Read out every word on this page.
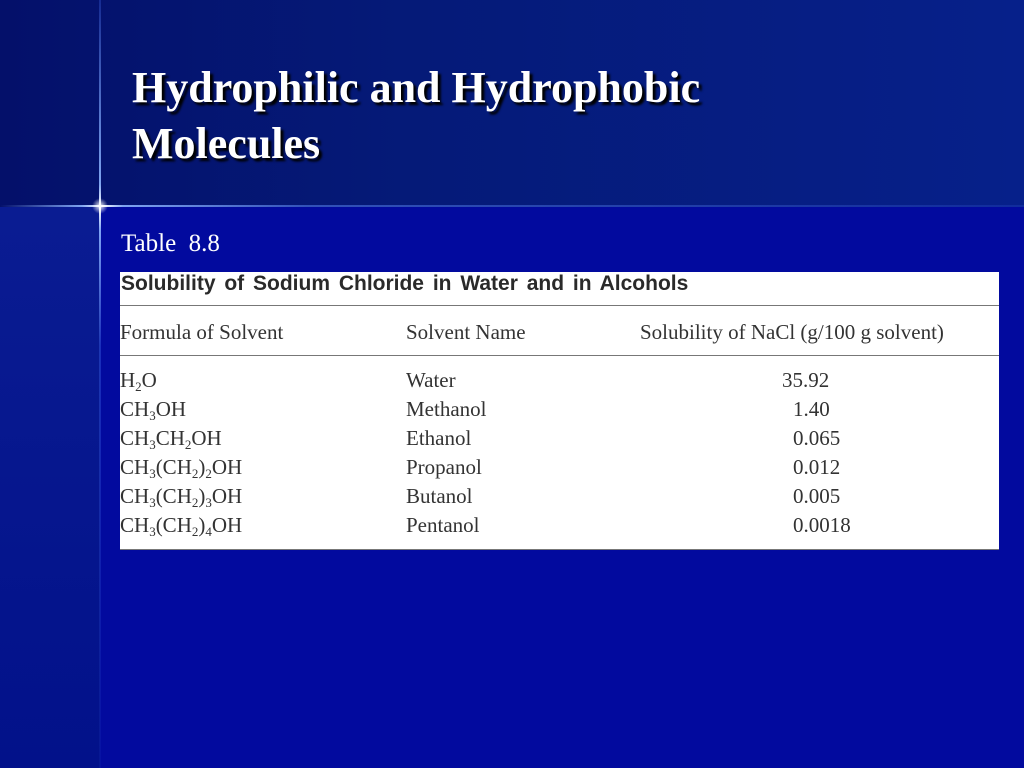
Hydrophilic and Hydrophobic
Molecules
Table  8.8
Solubility of Sodium Chloride in Water and in Alcohols
Formula of Solvent	Solvent Name	Solubility of NaCl (g/100 g solvent)
$H_2O$	Water	35.92
$CH_3OH$	Methanol	1.40
$CH_3CH_2OH$	Ethanol	0.065
$CH_3(CH_2)_2OH$	Propanol	0.012
$CH_3(CH_2)_3OH$	Butanol	0.005
$CH_3(CH_2)_4OH$	Pentanol	0.0018
